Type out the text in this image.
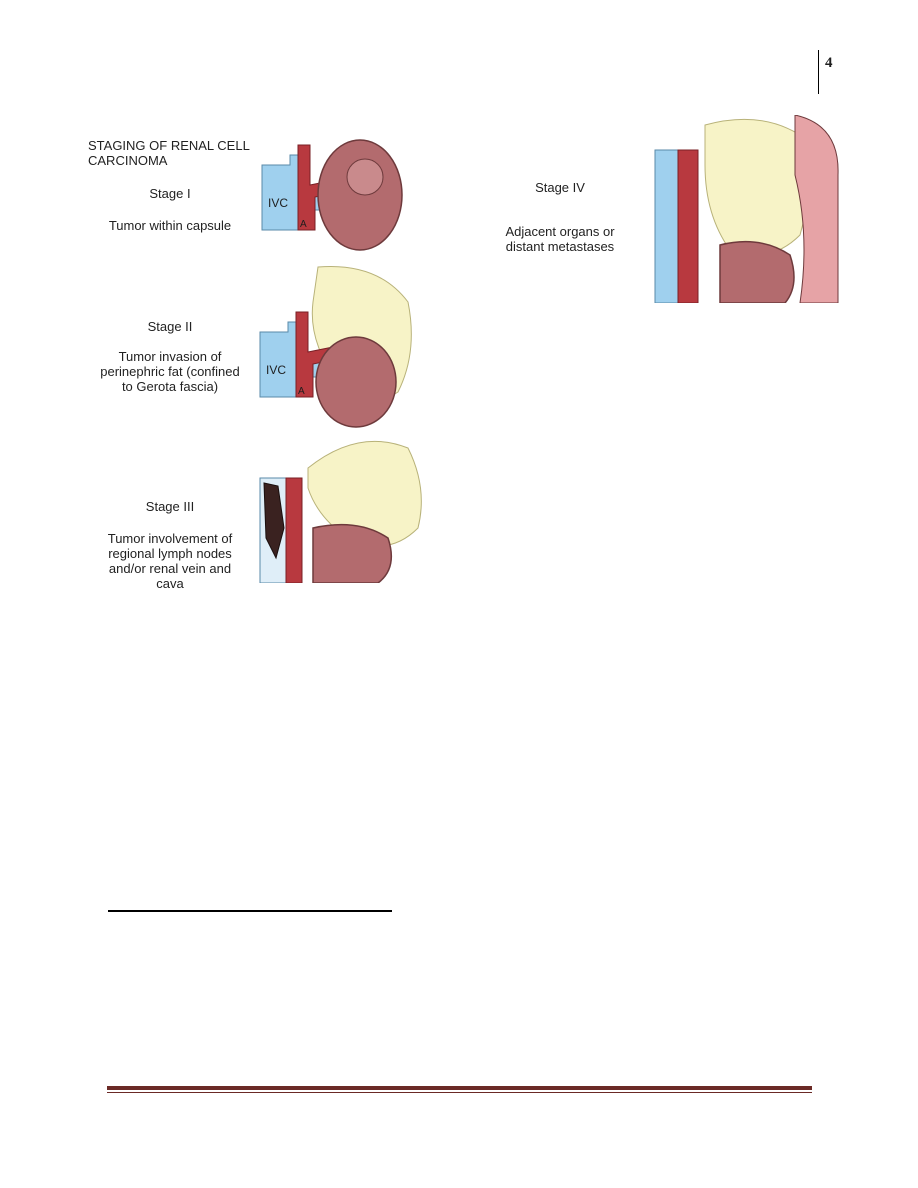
4
STAGING OF RENAL CELL CARCINOMA
Stage I
Tumor within capsule
IVC
A
Stage II
Tumor invasion of perinephric fat (confined to Gerota fascia)
IVC
A
Stage III
Tumor involvement of regional lymph nodes and/or renal vein and cava
Stage IV
Adjacent organs or distant metastases
